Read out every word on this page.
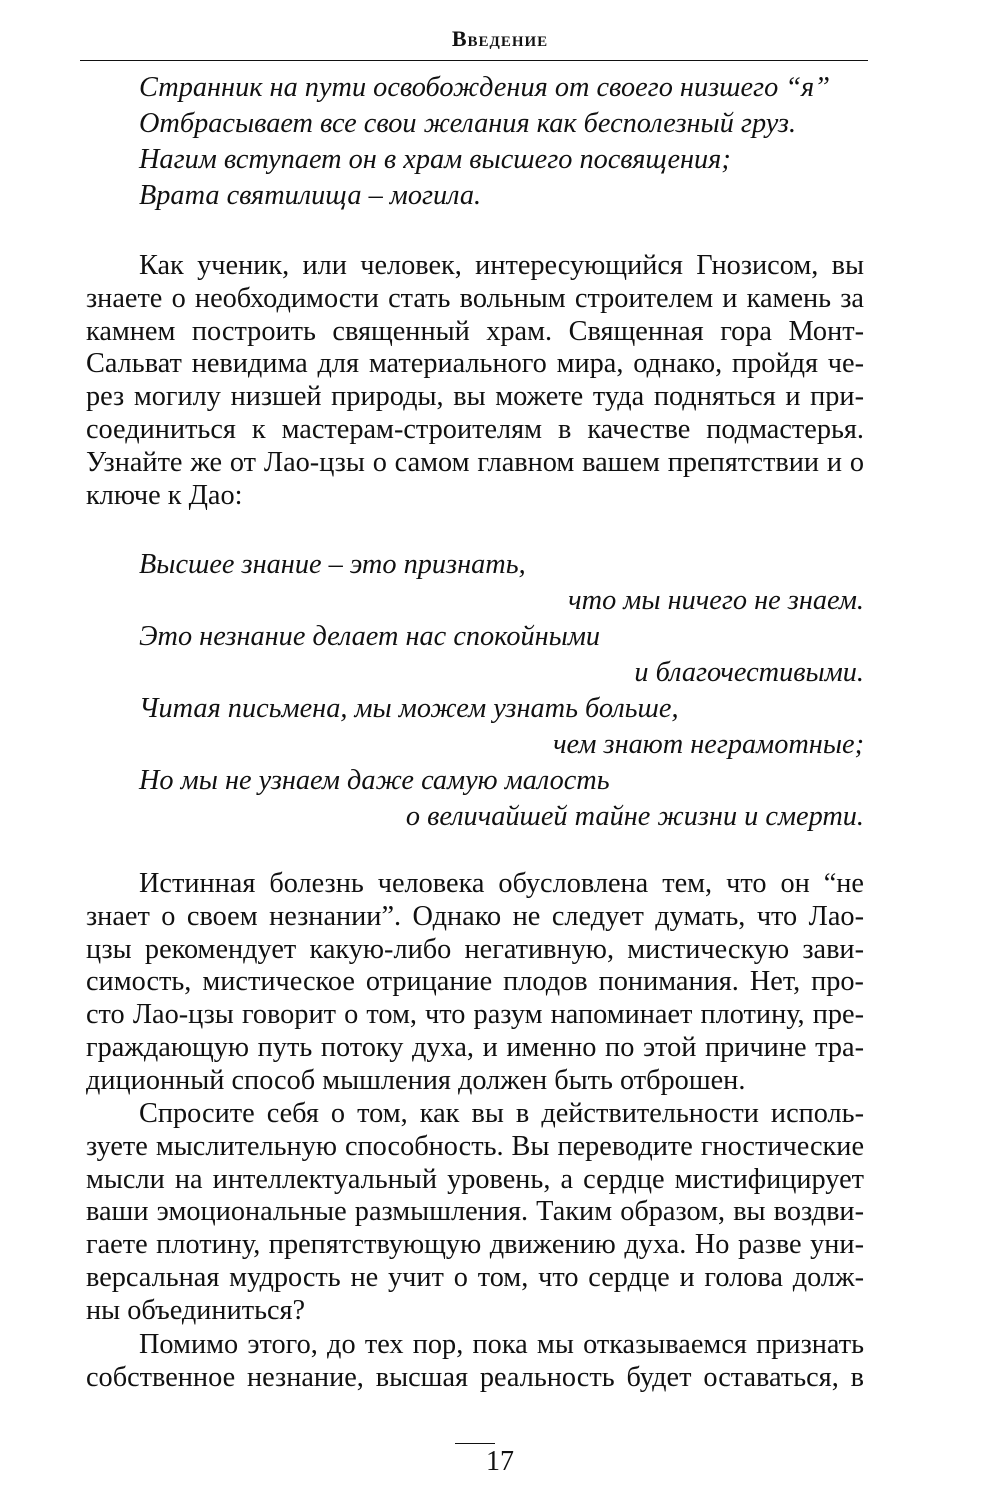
Введение
Странник на пути освобождения от своего низшего “я”
Отбрасывает все свои желания как бесполезный груз.
Нагим вступает он в храм высшего посвящения;
Врата святилища – могила.
Как ученик, или человек, интересующийся Гнозисом, вы
знаете о необходимости стать вольным строителем и камень за
камнем построить священный храм. Священная гора Монт-
Сальват невидима для материального мира, однако, пройдя че-
рез могилу низшей природы, вы можете туда подняться и при-
соединиться к мастерам-строителям в качестве подмастерья.
Узнайте же от Лао-цзы о самом главном вашем препятствии и о
ключе к Дао:
Высшее знание – это признать,
что мы ничего не знаем.
Это незнание делает нас спокойными
и благочестивыми.
Читая письмена, мы можем узнать больше,
чем знают неграмотные;
Но мы не узнаем даже самую малость
о величайшей тайне жизни и смерти.
Истинная болезнь человека обусловлена тем, что он “не
знает о своем незнании”. Однако не следует думать, что Лао-
цзы рекомендует какую-либо негативную, мистическую зави-
симость, мистическое отрицание плодов понимания. Нет, про-
сто Лао-цзы говорит о том, что разум напоминает плотину, пре-
граждающую путь потоку духа, и именно по этой причине тра-
диционный способ мышления должен быть отброшен.
Спросите себя о том, как вы в действительности исполь-
зуете мыслительную способность. Вы переводите гностические
мысли на интеллектуальный уровень, а сердце мистифицирует
ваши эмоциональные размышления. Таким образом, вы воздви-
гаете плотину, препятствующую движению духа. Но разве уни-
версальная мудрость не учит о том, что сердце и голова долж-
ны объединиться?
Помимо этого, до тех пор, пока мы отказываемся признать
собственное незнание, высшая реальность будет оставаться, в
17
